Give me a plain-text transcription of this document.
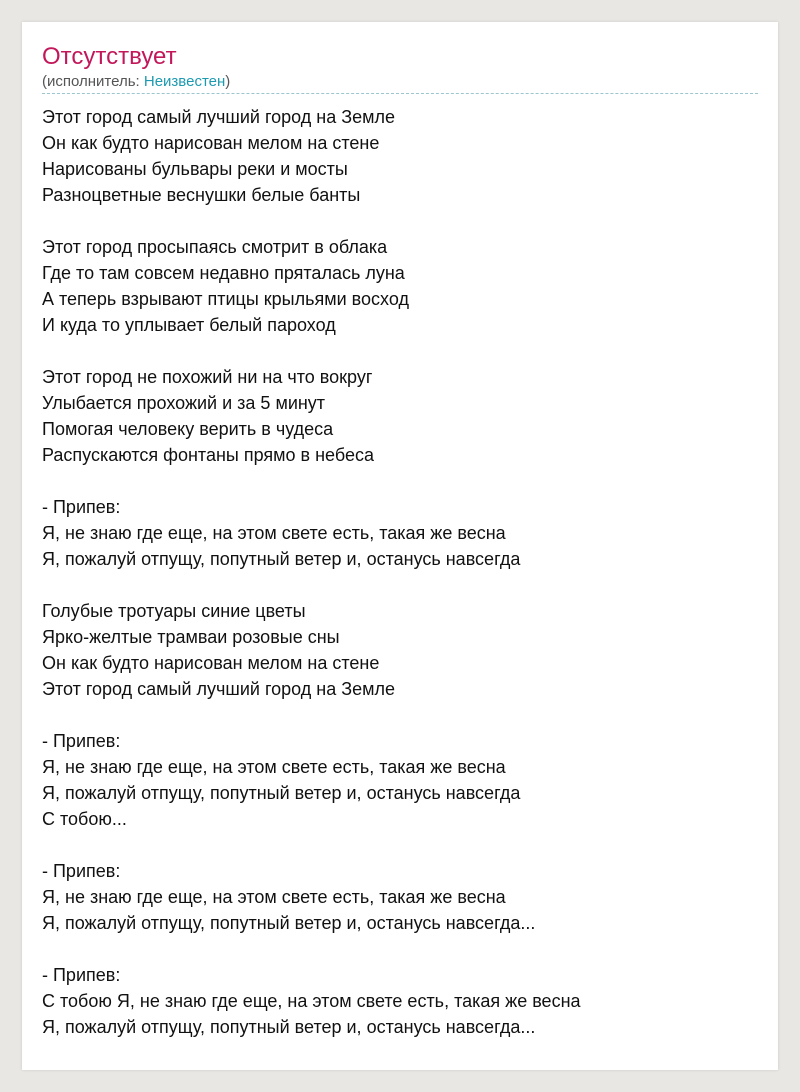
Отсутствует
(исполнитель: Неизвестен)
Этот город самый лучший город на Земле
Он как будто нарисован мелом на стене
Нарисованы бульвары реки и мосты
Разноцветные веснушки белые банты
Этот город просыпаясь смотрит в облака
Где то там совсем недавно пряталась луна
А теперь взрывают птицы крыльями восход
И куда то уплывает белый пароход
Этот город не похожий ни на что вокруг
Улыбается прохожий и за 5 минут
Помогая человеку верить в чудеса
Распускаются фонтаны прямо в небеса
- Припев:
Я, не знаю где еще, на этом свете есть, такая же весна
Я, пожалуй отпущу, попутный ветер и, останусь навсегда
Голубые тротуары синие цветы
Ярко-желтые трамваи розовые сны
Он как будто нарисован мелом на стене
Этот город самый лучший город на Земле
- Припев:
Я, не знаю где еще, на этом свете есть, такая же весна
Я, пожалуй отпущу, попутный ветер и, останусь навсегда
С тобою...
- Припев:
Я, не знаю где еще, на этом свете есть, такая же весна
Я, пожалуй отпущу, попутный ветер и, останусь навсегда...
- Припев:
С тобою Я, не знаю где еще, на этом свете есть, такая же весна
Я, пожалуй отпущу, попутный ветер и, останусь навсегда...
